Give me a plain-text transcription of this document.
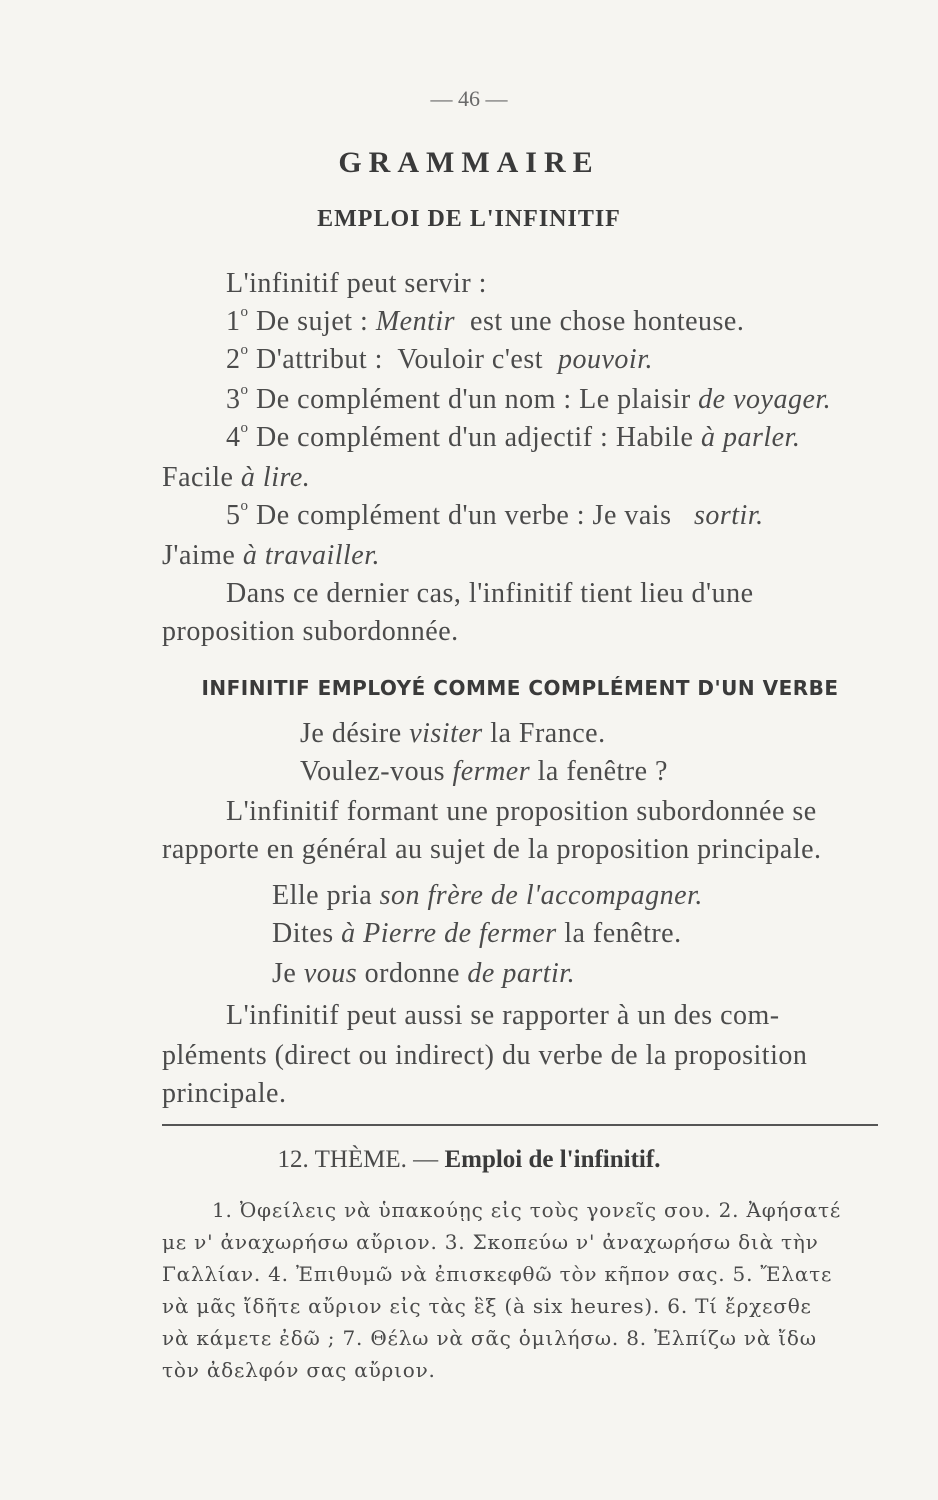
— 46 —
GRAMMAIRE
EMPLOI DE L'INFINITIF
L'infinitif peut servir :
1$^o$ De sujet : Mentir est une chose honteuse.
2$^o$ D'attribut : Vouloir c'est pouvoir.
3$^o$ De complément d'un nom : Le plaisir de voyager.
4$^o$ De complément d'un adjectif : Habile à parler.
Facile à lire.
5$^o$ De complément d'un verbe : Je vais sortir.
J'aime à travailler.
Dans ce dernier cas, l'infinitif tient lieu d'une
proposition subordonnée.
INFINITIF EMPLOYÉ COMME COMPLÉMENT D'UN VERBE
Je désire visiter la France.
Voulez-vous fermer la fenêtre ?
L'infinitif formant une proposition subordonnée se
rapporte en général au sujet de la proposition principale.
Elle pria son frère de l'accompagner.
Dites à Pierre de fermer la fenêtre.
Je vous ordonne de partir.
L'infinitif peut aussi se rapporter à un des com-
pléments (direct ou indirect) du verbe de la proposition
principale.
12. THÈME. — Emploi de l'infinitif.
1. Ὀφείλεις νὰ ὑπακούῃς εἰς τοὺς γονεῖς σου. 2. Ἀφήσατέ
με ν' ἀναχωρήσω αὔριον. 3. Σκοπεύω ν' ἀναχωρήσω διὰ τὴν
Γαλλίαν. 4. Ἐπιθυμῶ νὰ ἐπισκεφθῶ τὸν κῆπον σας. 5. Ἔλατε
νὰ μᾶς ἴδῆτε αὔριον εἰς τὰς ἓξ (à six heures). 6. Τί ἔρχεσθε
νὰ κάμετε ἐδῶ ; 7. Θέλω νὰ σᾶς ὁμιλήσω. 8. Ἐλπίζω νὰ ἴδω
τὸν ἀδελφόν σας αὔριον.
